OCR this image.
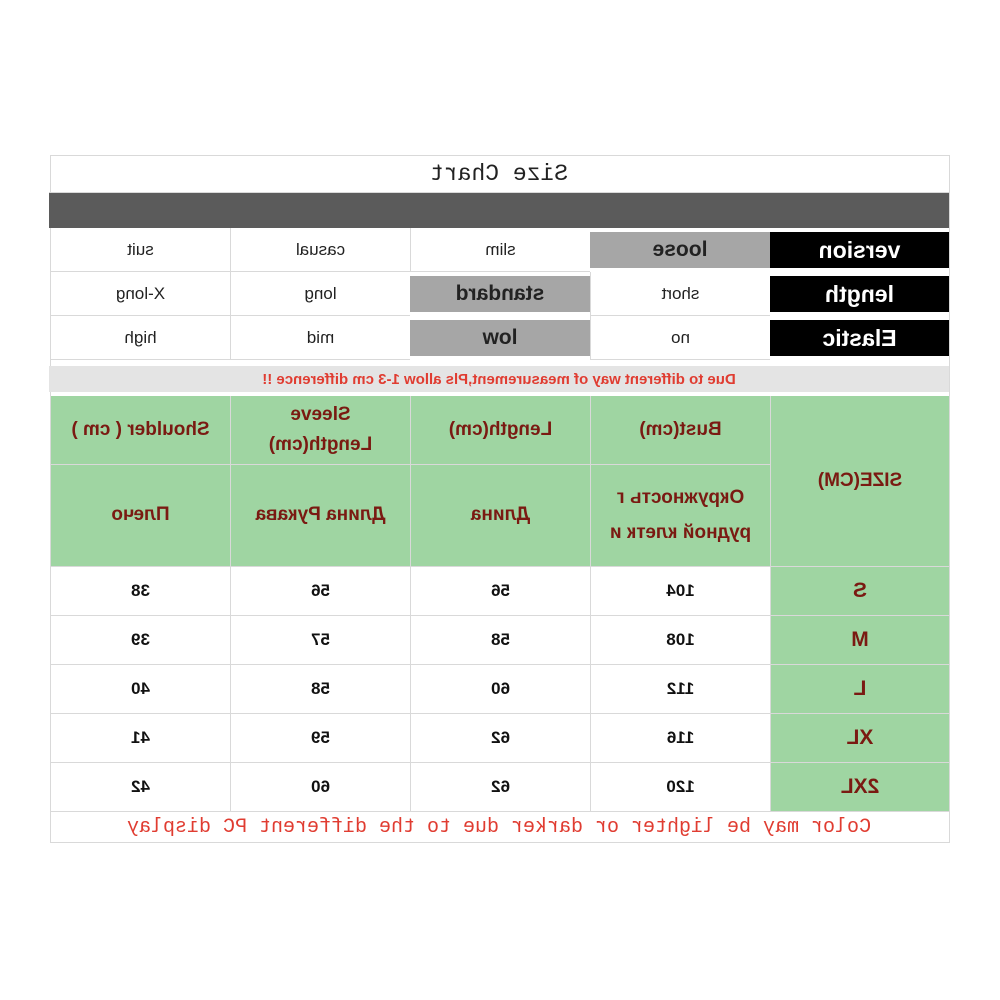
Size Chart
version
loose
slim
casual
suit
length
short
standard
long
X-long
Elastic
no
low
mid
high
Due to different way of measurement,Pls allow 1-3 cm difference !!
SIZE(CM)
Bust(cm)
Length(cm)
Sleeve Length(cm)
Shoulder ( cm )
Окружность г рудной клетк и
Длина
Длина Рукава
Плечо
S
104
56
56
38
M
108
58
57
39
L
112
60
58
40
XL
116
62
59
41
2XL
120
62
60
42
Color may be lighter or darker due to the different PC display
